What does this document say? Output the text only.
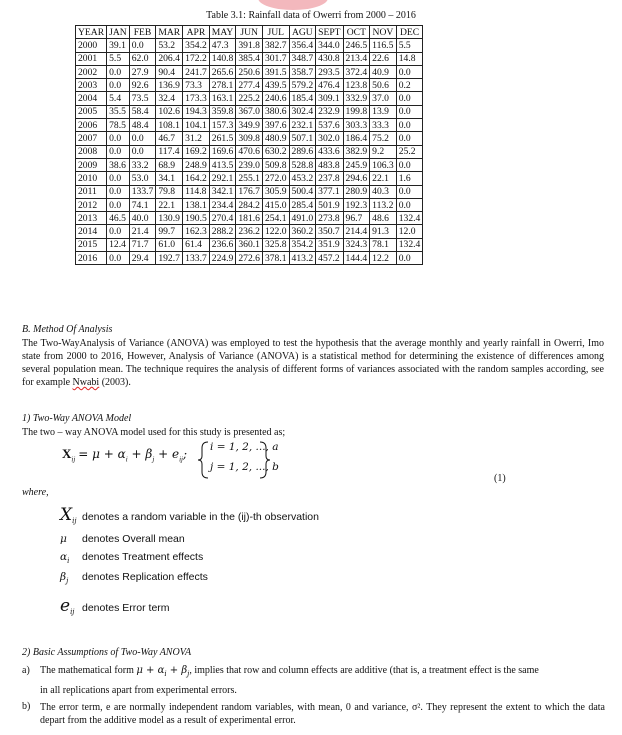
Table 3.1: Rainfall data of Owerri from 2000 – 2016
YEAR	JAN	FEB	MAR	APR	MAY	JUN	JUL	AGU	SEPT	OCT	NOV	DEC
2000	39.1	0.0	53.2	354.2	47.3	391.8	382.7	356.4	344.0	246.5	116.5	5.5
2001	5.5	62.0	206.4	172.2	140.8	385.4	301.7	348.7	430.8	213.4	22.6	14.8
2002	0.0	27.9	90.4	241.7	265.6	250.6	391.5	358.7	293.5	372.4	40.9	0.0
2003	0.0	92.6	136.9	73.3	278.1	277.4	439.5	579.2	476.4	123.8	50.6	0.2
2004	5.4	73.5	32.4	173.3	163.1	225.2	240.6	185.4	309.1	332.9	37.0	0.0
2005	35.5	58.4	102.6	194.3	359.8	367.0	380.6	302.4	232.9	199.8	13.9	0.0
2006	78.5	48.4	108.1	104.1	157.3	349.9	397.6	232.1	537.6	303.3	33.3	0.0
2007	0.0	0.0	46.7	31.2	261.5	309.8	480.9	507.1	302.0	186.4	75.2	0.0
2008	0.0	0.0	117.4	169.2	169.6	470.6	630.2	289.6	433.6	382.9	9.2	25.2
2009	38.6	33.2	68.9	248.9	413.5	239.0	509.8	528.8	483.8	245.9	106.3	0.0
2010	0.0	53.0	34.1	164.2	292.1	255.1	272.0	453.2	237.8	294.6	22.1	1.6
2011	0.0	133.7	79.8	114.8	342.1	176.7	305.9	500.4	377.1	280.9	40.3	0.0
2012	0.0	74.1	22.1	138.1	234.4	284.2	415.0	285.4	501.9	192.3	113.2	0.0
2013	46.5	40.0	130.9	190.5	270.4	181.6	254.1	491.0	273.8	96.7	48.6	132.4
2014	0.0	21.4	99.7	162.3	288.2	236.2	122.0	360.2	350.7	214.4	91.3	12.0
2015	12.4	71.7	61.0	61.4	236.6	360.1	325.8	354.2	351.9	324.3	78.1	132.4
2016	0.0	29.4	192.7	133.7	224.9	272.6	378.1	413.2	457.2	144.4	12.2	0.0
B. Method Of Analysis
The Two-WayAnalysis of Variance (ANOVA) was employed to test the hypothesis that the average monthly and yearly rainfall in Owerri, Imo state from 2000 to 2016, However, Analysis of Variance (ANOVA) is a statistical method for determining the existence of differences among several population mean. The technique requires the analysis of different forms of variances associated with the random samples according, see for example Nwabi (2003).
1) Two-Way ANOVA Model
The two – way ANOVA model used for this study is presented as;
$X_{ij} = \mu + \alpha_i + \beta_j + e_{ij}$; i = 1, 2, ..., a
j = 1, 2, ..., b
(1)
where,
$X_{ij}$ denotes a random variable in the (ij)-th observation
μ denotes Overall mean
$\alpha_i$ denotes Treatment effects
$\beta_j$ denotes Replication effects
$e_{ij}$ denotes Error term
2) Basic Assumptions of Two-Way ANOVA
a) The mathematical form $\mu + \alpha_i + \beta_j$, implies that row and column effects are additive (that is, a treatment effect is the same
in all replications apart from experimental errors.
b) The error term, e are normally independent random variables, with mean, 0 and variance, σ². They represent the extent to which the data depart from the additive model as a result of experimental error.
